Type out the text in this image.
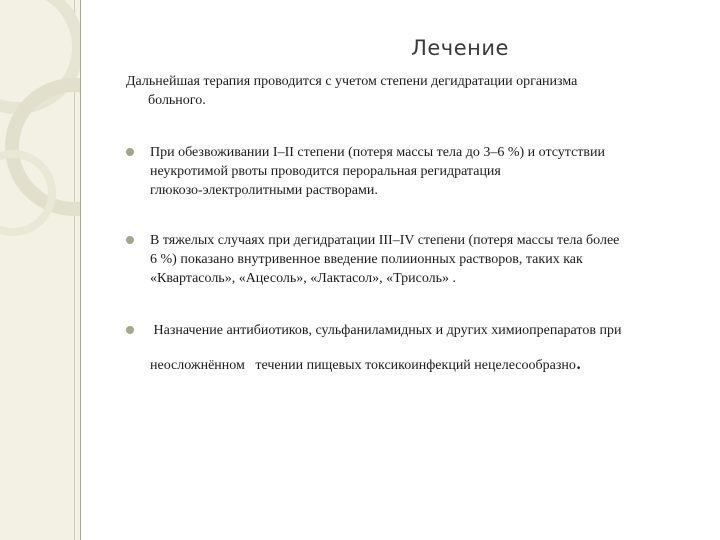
Лечение
Дальнейшая терапия проводится с учетом степени дегидратации организма
больного.
При обезвоживании I–II степени (потеря массы тела до 3–6 %) и отсутствии
неукротимой рвоты проводится пероральная регидратация
глюкозо-электролитными растворами.
В тяжелых случаях при дегидратации III–IV степени (потеря массы тела более
6 %) показано внутривенное введение полиионных растворов, таких как
«Квартасоль», «Ацесоль», «Лактасол», «Трисоль» .
Назначение антибиотиков, сульфаниламидных и других химиопрепаратов при
неосложнённом   течении пищевых токсикоинфекций нецелесообразно.
